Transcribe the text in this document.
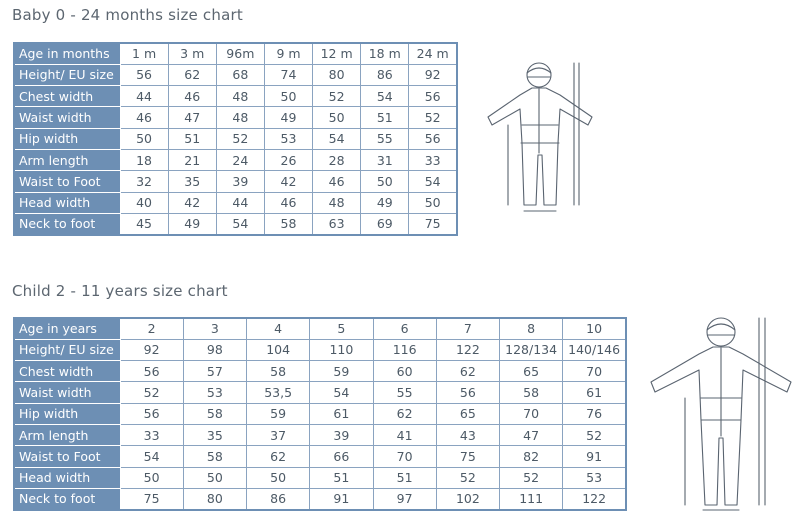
Baby 0 - 24 months size chart
Age in months	1 m	3 m	96m	9 m	12 m	18 m	24 m
Height/ EU size	56	62	68	74	80	86	92
Chest width	44	46	48	50	52	54	56
Waist width	46	47	48	49	50	51	52
Hip width	50	51	52	53	54	55	56
Arm length	18	21	24	26	28	31	33
Waist to Foot	32	35	39	42	46	50	54
Head width	40	42	44	46	48	49	50
Neck to foot	45	49	54	58	63	69	75
Child 2 - 11 years size chart
Age in years	2	3	4	5	6	7	8	10
Height/ EU size	92	98	104	110	116	122	128/134	140/146
Chest width	56	57	58	59	60	62	65	70
Waist width	52	53	53,5	54	55	56	58	61
Hip width	56	58	59	61	62	65	70	76
Arm length	33	35	37	39	41	43	47	52
Waist to Foot	54	58	62	66	70	75	82	91
Head width	50	50	50	51	51	52	52	53
Neck to foot	75	80	86	91	97	102	111	122
